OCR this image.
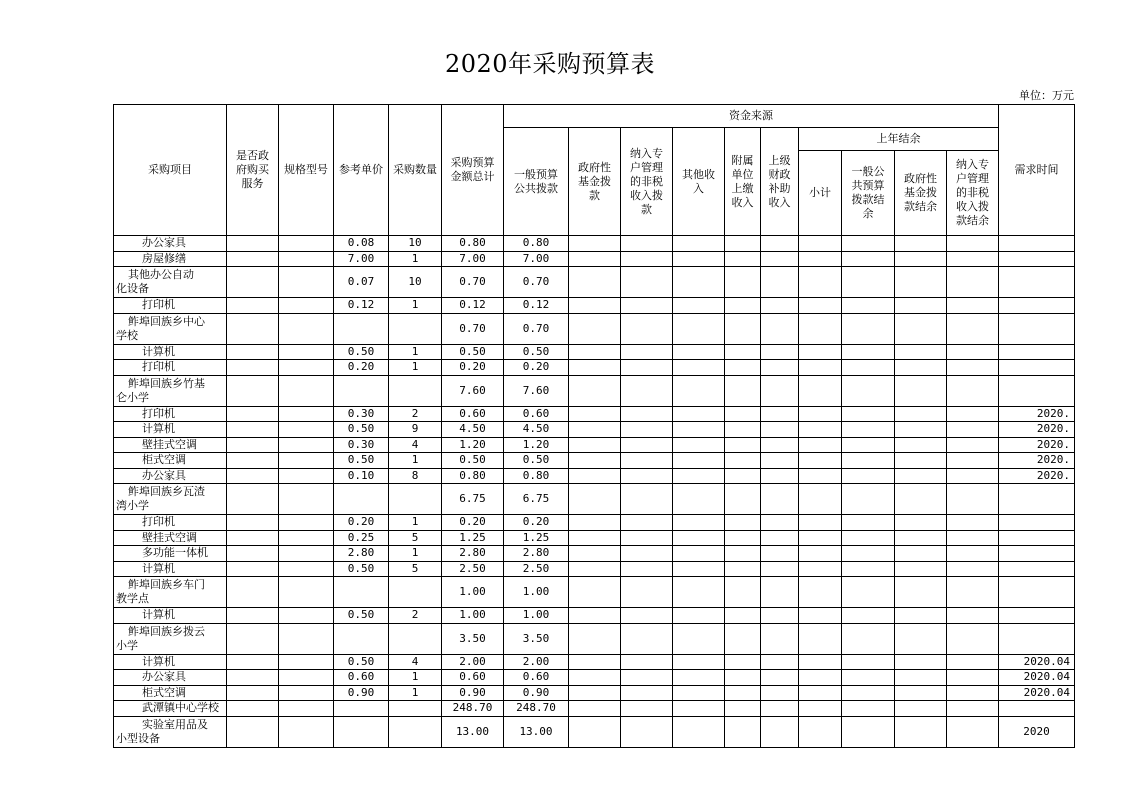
2020年采购预算表
单位：万元
采购项目	是否政府购买服务	规格型号	参考单价	采购数量	采购预算金额总计	资金来源										需求时间
						一般预算公共拨款	政府性基金拨款	纳入专户管理的非税收入拨款	其他收入	附属单位上缴收入	上级财政补助收入	上年结余				
												小计	一般公共预算拨款结余	政府性基金拨款结余	纳入专户管理的非税收入拨款结余	
办公家具			0.08	10	0.80	0.80										
房屋修缮			7.00	1	7.00	7.00										

其他办公自动
化设备			0.07	10	0.70	0.70										
打印机			0.12	1	0.12	0.12										

鲊埠回族乡中心
学校					0.70	0.70										
计算机			0.50	1	0.50	0.50										
打印机			0.20	1	0.20	0.20										

鲊埠回族乡竹基
仑小学					7.60	7.60										
打印机			0.30	2	0.60	0.60										2020.
计算机			0.50	9	4.50	4.50										2020.
壁挂式空调			0.30	4	1.20	1.20										2020.
柜式空调			0.50	1	0.50	0.50										2020.
办公家具			0.10	8	0.80	0.80										2020.

鲊埠回族乡瓦渣
湾小学					6.75	6.75										
打印机			0.20	1	0.20	0.20										
壁挂式空调			0.25	5	1.25	1.25										
多功能一体机			2.80	1	2.80	2.80										
计算机			0.50	5	2.50	2.50										

鲊埠回族乡车门
教学点					1.00	1.00										
计算机			0.50	2	1.00	1.00										

鲊埠回族乡拨云
小学					3.50	3.50										
计算机			0.50	4	2.00	2.00										2020.04
办公家具			0.60	1	0.60	0.60										2020.04
柜式空调			0.90	1	0.90	0.90										2020.04
武潭镇中心学校					248.70	248.70										

实验室用品及
小型设备					13.00	13.00										2020
